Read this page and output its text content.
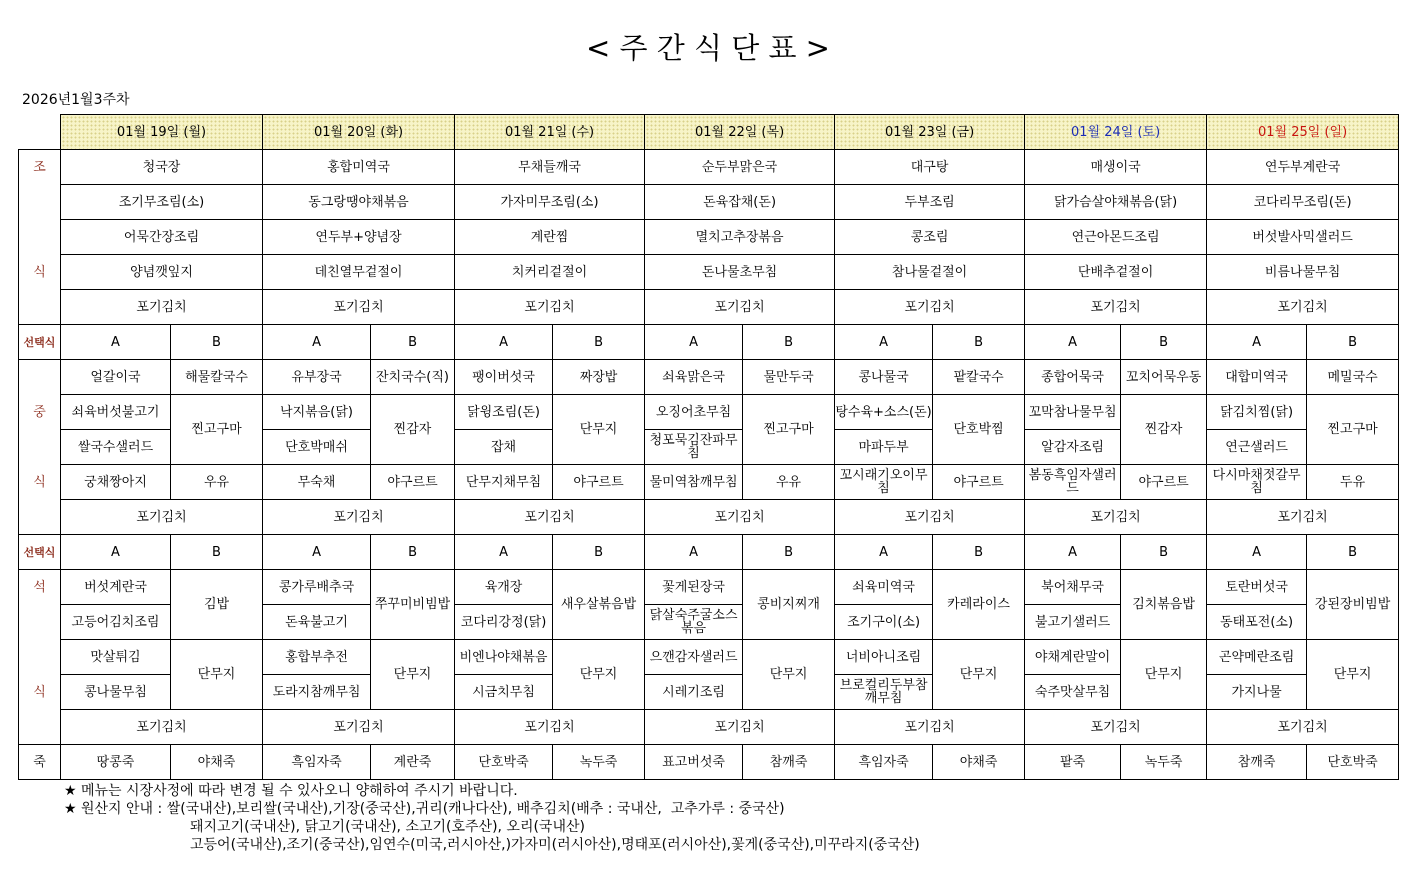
< 주 간 식 단 표 >
2026년1월3주차
	01월 19일 (월)		01월 20일 (화)		01월 21일 (수)		01월 22일 (목)		01월 23일 (금)		01월 24일 (토)		01월 25일 (일)	
조	청국장		홍합미역국		무채들깨국		순두부맑은국		대구탕		매생이국		연두부계란국	
	조기무조림(소)		동그랑땡야채볶음		가자미무조림(소)		돈육잡채(돈)		두부조림		닭가슴살야채볶음(닭)		코다리무조림(돈)	
	어묵간장조림		연두부+양념장		계란찜		멸치고추장볶음		콩조림		연근아몬드조림		버섯발사믹샐러드	
식	양념깻잎지		데친열무겉절이		치커리겉절이		돈나물초무침		참나물겉절이		단배추겉절이		비름나물무침	
	포기김치		포기김치		포기김치		포기김치		포기김치		포기김치		포기김치	
선택식	A	B	A	B	A	B	A	B	A	B	A	B	A	B
	얼갈이국	해물칼국수	유부장국	잔치국수(직)	팽이버섯국	짜장밥	쇠육맑은국	물만두국	콩나물국	팥칼국수	종합어묵국	꼬치어묵우동	대합미역국	메밀국수
중	쇠육버섯불고기	찐고구마	낙지볶음(닭)	찐감자	닭윙조림(돈)	단무지	오징어초무침	찐고구마	탕수육+소스(돈)	단호박찜	꼬막참나물무침	찐감자	닭김치찜(닭)	찐고구마
	쌀국수샐러드		단호박매쉬		잡채		청포묵김잔파무침		마파두부		알감자조림		연근샐러드	
식	궁채짱아지	우유	무숙채	야구르트	단무지채무침	야구르트	물미역참깨무침	우유	꼬시래기오이무침	야구르트	봄동흑임자샐러드	야구르트	다시마채젓갈무침	두유
	포기김치		포기김치		포기김치		포기김치		포기김치		포기김치		포기김치	
선택식	A	B	A	B	A	B	A	B	A	B	A	B	A	B
석	버섯계란국	김밥	콩가루배추국	쭈꾸미비빔밥	육개장	새우살볶음밥	꽃게된장국	콩비지찌개	쇠육미역국	카레라이스	북어채무국	김치볶음밥	토란버섯국	강된장비빔밥
	고등어김치조림		돈육불고기		코다리강정(닭)		닭살숙주굴소스볶음		조기구이(소)		불고기샐러드		동태포전(소)	
	맛살튀김	단무지	홍합부추전	단무지	비엔나야채볶음	단무지	으깬감자샐러드	단무지	너비아니조림	단무지	야채계란말이	단무지	곤약메란조림	단무지
식	콩나물무침		도라지참깨무침		시금치무침		시레기조림		브로컬리두부참깨무침		숙주맛살무침		가지나물	
	포기김치		포기김치		포기김치		포기김치		포기김치		포기김치		포기김치	
죽	땅콩죽	야채죽	흑임자죽	계란죽	단호박죽	녹두죽	표고버섯죽	참깨죽	흑임자죽	야채죽	팥죽	녹두죽	참깨죽	단호박죽
★ 메뉴는 시장사정에 따라 변경 될 수 있사오니 양해하여 주시기 바랍니다.
★ 원산지 안내 : 쌀(국내산),보리쌀(국내산),기장(중국산),귀리(캐나다산), 배추김치(배추 : 국내산,  고추가루 : 중국산)
돼지고기(국내산), 닭고기(국내산), 소고기(호주산), 오리(국내산)
고등어(국내산),조기(중국산),임연수(미국,러시아산,)가자미(러시아산),명태포(러시아산),꽃게(중국산),미꾸라지(중국산)
